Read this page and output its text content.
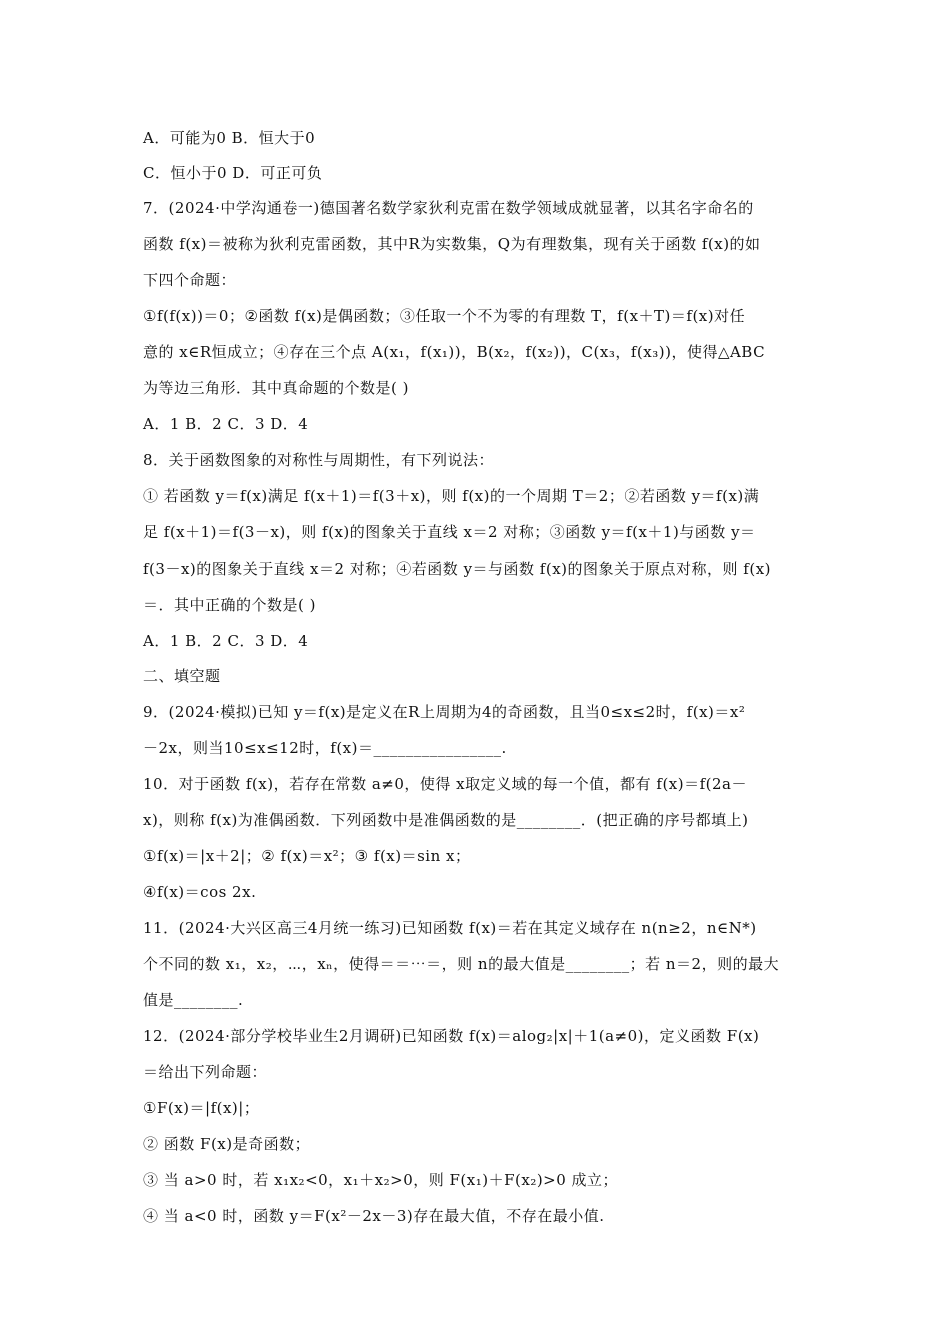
A．可能为0 B．恒大于0
C．恒小于0 D．可正可负
7．(2024·中学沟通卷一)德国著名数学家狄利克雷在数学领域成就显著，以其名字命名的
函数 f(x)＝被称为狄利克雷函数，其中R为实数集，Q为有理数集，现有关于函数 f(x)的如
下四个命题：
①f(f(x))＝0；②函数 f(x)是偶函数；③任取一个不为零的有理数 T，f(x＋T)＝f(x)对任
意的 x∈R恒成立；④存在三个点 A(x₁，f(x₁))，B(x₂，f(x₂))，C(x₃，f(x₃))，使得△ABC
为等边三角形．其中真命题的个数是( )
A．1 B．2 C．3 D．4
8．关于函数图象的对称性与周期性，有下列说法：
① 若函数 y＝f(x)满足 f(x＋1)＝f(3＋x)，则 f(x)的一个周期 T＝2；②若函数 y＝f(x)满
足 f(x＋1)＝f(3－x)，则 f(x)的图象关于直线 x＝2 对称；③函数 y＝f(x＋1)与函数 y＝
f(3－x)的图象关于直线 x＝2 对称；④若函数 y＝与函数 f(x)的图象关于原点对称，则 f(x)
＝．其中正确的个数是( )
A．1 B．2 C．3 D．4
二、填空题
9．(2024·模拟)已知 y＝f(x)是定义在R上周期为4的奇函数，且当0≤x≤2时，f(x)＝x²
－2x，则当10≤x≤12时，f(x)＝________________.
10．对于函数 f(x)，若存在常数 a≠0，使得 x取定义域的每一个值，都有 f(x)＝f(2a－
x)，则称 f(x)为准偶函数．下列函数中是准偶函数的是________．(把正确的序号都填上)
①f(x)＝|x＋2|；② f(x)＝x²；③ f(x)＝sin x；
④f(x)＝cos 2x.
11．(2024·大兴区高三4月统一练习)已知函数 f(x)＝若在其定义域存在 n(n≥2，n∈N*)
个不同的数 x₁，x₂，⋯，xₙ，使得＝＝⋯＝，则 n的最大值是________；若 n＝2，则的最大
值是________.
12．(2024·部分学校毕业生2月调研)已知函数 f(x)＝alog₂|x|＋1(a≠0)，定义函数 F(x)
＝给出下列命题：
①F(x)＝|f(x)|；
② 函数 F(x)是奇函数；
③ 当 a>0 时，若 x₁x₂<0，x₁＋x₂>0，则 F(x₁)＋F(x₂)>0 成立；
④ 当 a<0 时，函数 y＝F(x²－2x－3)存在最大值，不存在最小值.
